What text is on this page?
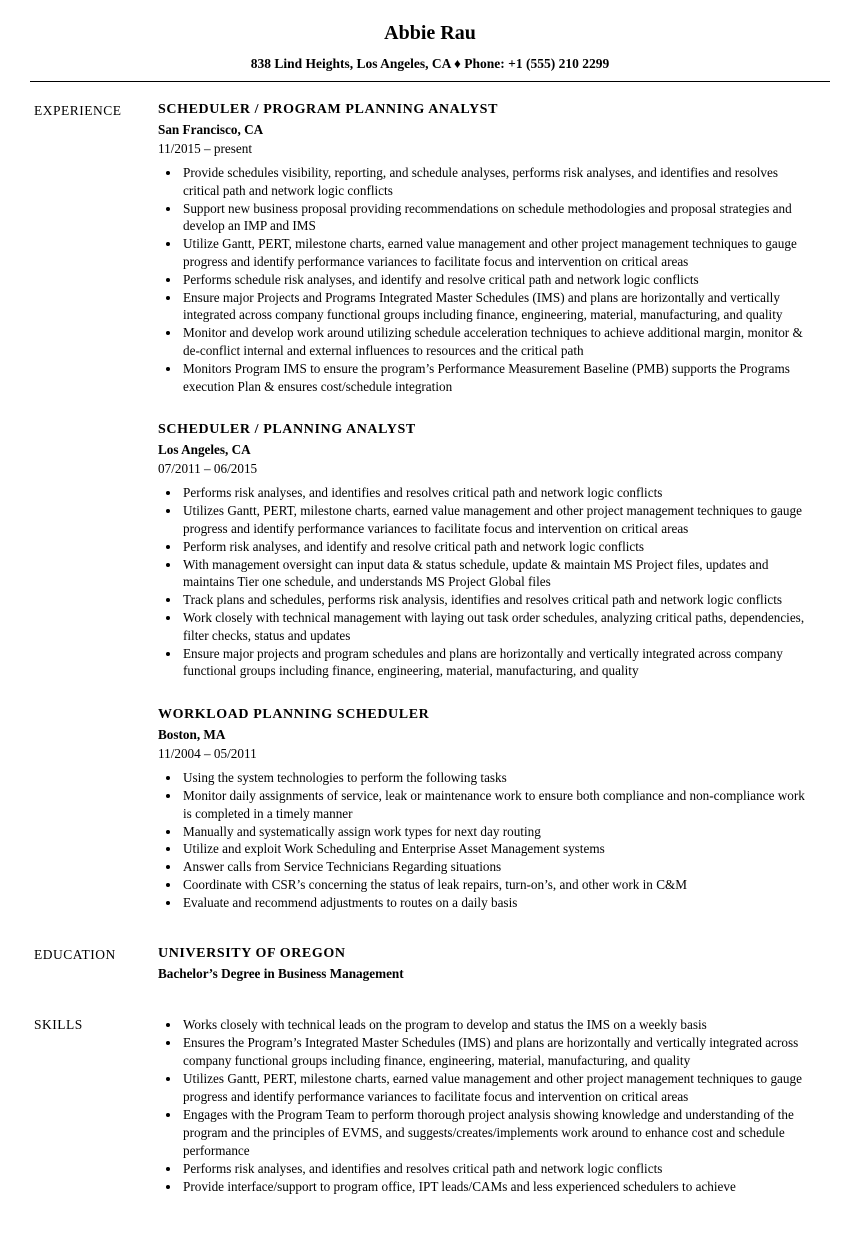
Abbie Rau
838 Lind Heights, Los Angeles, CA ♦ Phone: +1 (555) 210 2299
EXPERIENCE	SCHEDULER / PROGRAM PLANNING ANALYST
San Francisco, CA
11/2015 – present
• Provide schedules visibility, reporting, and schedule analyses, performs risk analyses, and identifies and resolves critical path and network logic conflicts
• Support new business proposal providing recommendations on schedule methodologies and proposal strategies and develop an IMP and IMS
• Utilize Gantt, PERT, milestone charts, earned value management and other project management techniques to gauge progress and identify performance variances to facilitate focus and intervention on critical areas
• Performs schedule risk analyses, and identify and resolve critical path and network logic conflicts
• Ensure major Projects and Programs Integrated Master Schedules (IMS) and plans are horizontally and vertically integrated across company functional groups including finance, engineering, material, manufacturing, and quality
• Monitor and develop work around utilizing schedule acceleration techniques to achieve additional margin, monitor & de-conflict internal and external influences to resources and the critical path
• Monitors Program IMS to ensure the program’s Performance Measurement Baseline (PMB) supports the Programs execution Plan & ensures cost/schedule integration
SCHEDULER / PLANNING ANALYST
Los Angeles, CA
07/2011 – 06/2015
• Performs risk analyses, and identifies and resolves critical path and network logic conflicts
• Utilizes Gantt, PERT, milestone charts, earned value management and other project management techniques to gauge progress and identify performance variances to facilitate focus and intervention on critical areas
• Perform risk analyses, and identify and resolve critical path and network logic conflicts
• With management oversight can input data & status schedule, update & maintain MS Project files, updates and maintains Tier one schedule, and understands MS Project Global files
• Track plans and schedules, performs risk analysis, identifies and resolves critical path and network logic conflicts
• Work closely with technical management with laying out task order schedules, analyzing critical paths, dependencies, filter checks, status and updates
• Ensure major projects and program schedules and plans are horizontally and vertically integrated across company functional groups including finance, engineering, material, manufacturing, and quality
WORKLOAD PLANNING SCHEDULER
Boston, MA
11/2004 – 05/2011
• Using the system technologies to perform the following tasks
• Monitor daily assignments of service, leak or maintenance work to ensure both compliance and non-compliance work is completed in a timely manner
• Manually and systematically assign work types for next day routing
• Utilize and exploit Work Scheduling and Enterprise Asset Management systems
• Answer calls from Service Technicians Regarding situations
• Coordinate with CSR’s concerning the status of leak repairs, turn-on’s, and other work in C&M
• Evaluate and recommend adjustments to routes on a daily basis
EDUCATION	UNIVERSITY OF OREGON
Bachelor’s Degree in Business Management
SKILLS	• Works closely with technical leads on the program to develop and status the IMS on a weekly basis
• Ensures the Program’s Integrated Master Schedules (IMS) and plans are horizontally and vertically integrated across company functional groups including finance, engineering, material, manufacturing, and quality
• Utilizes Gantt, PERT, milestone charts, earned value management and other project management techniques to gauge progress and identify performance variances to facilitate focus and intervention on critical areas
• Engages with the Program Team to perform thorough project analysis showing knowledge and understanding of the program and the principles of EVMS, and suggests/creates/implements work around to enhance cost and schedule performance
• Performs risk analyses, and identifies and resolves critical path and network logic conflicts
• Provide interface/support to program office, IPT leads/CAMs and less experienced schedulers to achieve
